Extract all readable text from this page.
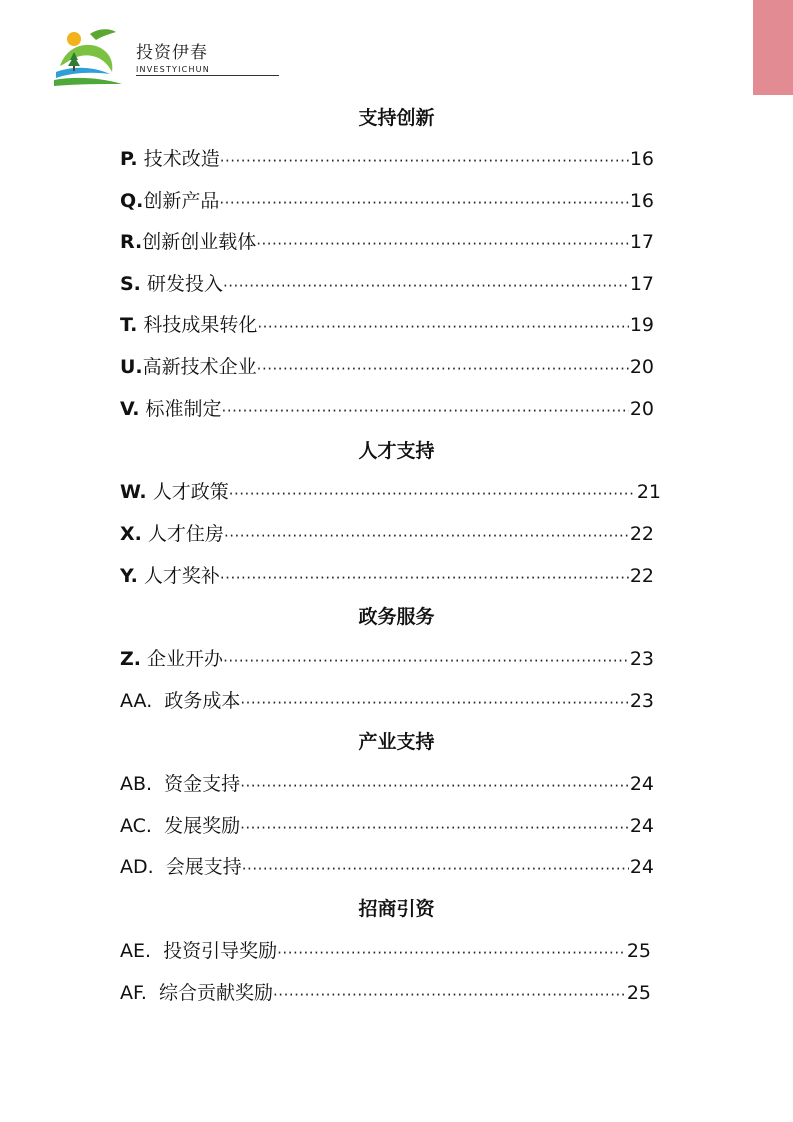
投资伊春
INVESTYICHUN
支持创新
P. 技术改造 ·····	16
Q.创新产品 ·····	16
R.创新创业载体 ·····	17
S. 研发投入 ·····	17
T. 科技成果转化 ·····	19
U.高新技术企业 ·····	20
V. 标准制定 ·····	20
人才支持
W. 人才政策 ·····	21
X. 人才住房 ·····	22
Y. 人才奖补 ·····	22
政务服务
Z. 企业开办 ·····	23
AA. 政务成本 ·····	23
产业支持
AB. 资金支持 ·····	24
AC. 发展奖励 ·····	24
AD. 会展支持 ·····	24
招商引资
AE. 投资引导奖励 ·····	25
AF. 综合贡献奖励 ·····	25
